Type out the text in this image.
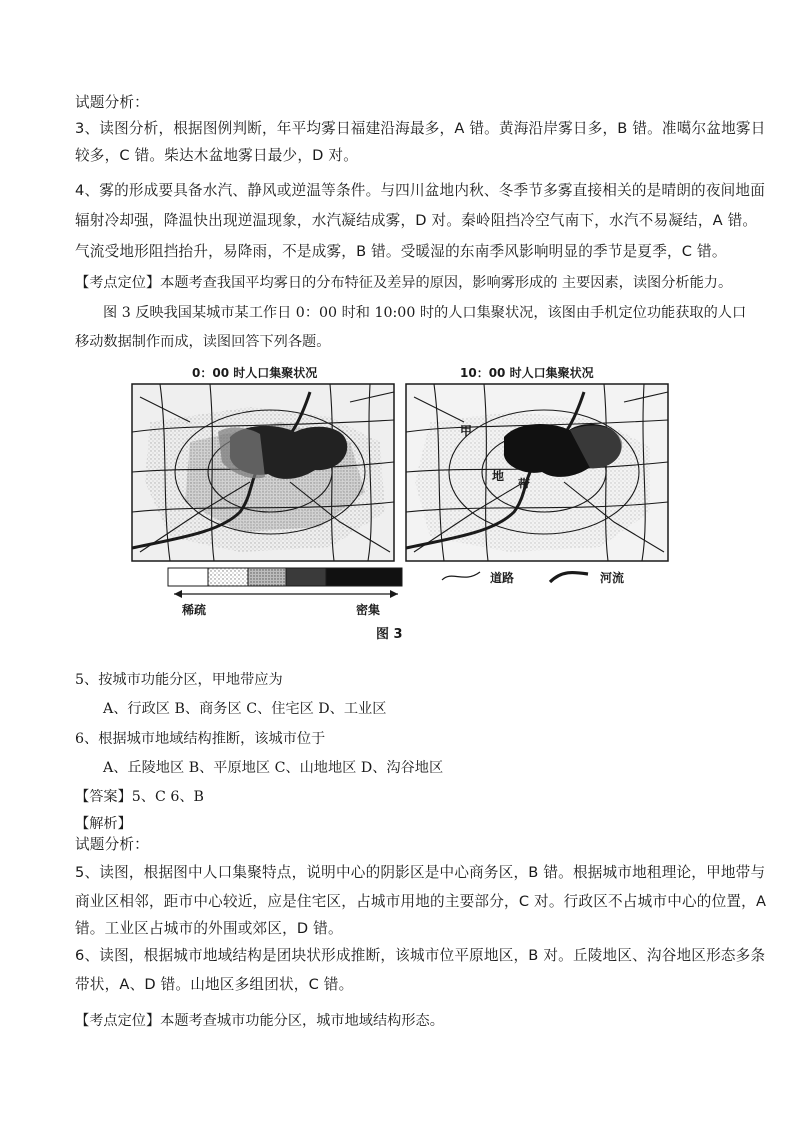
试题分析：
3、读图分析，根据图例判断，年平均雾日福建沿海最多，A 错。黄海沿岸雾日多，B 错。准噶尔盆地雾日
较多，C 错。柴达木盆地雾日最少，D 对。
4、雾的形成要具备水汽、静风或逆温等条件。与四川盆地内秋、冬季节多雾直接相关的是晴朗的夜间地面
辐射冷却强，降温快出现逆温现象，水汽凝结成雾，D 对。秦岭阻挡冷空气南下，水汽不易凝结，A 错。
气流受地形阻挡抬升，易降雨，不是成雾，B 错。受暖湿的东南季风影响明显的季节是夏季，C 错。
【考点定位】本题考查我国平均雾日的分布特征及差异的原因，影响雾形成的 主要因素，读图分析能力。
图 3 反映我国某城市某工作日 0：00 时和 10:00 时的人口集聚状况，该图由手机定位功能获取的人口
移动数据制作而成，读图回答下列各题。
0：00 时人口集聚状况	10：00 时人口集聚状况
甲
地
带
稀疏	密集
道路	河流
图 3
5、按城市功能分区，甲地带应为
A、行政区 B、商务区 C、住宅区 D、工业区
6、根据城市地域结构推断，该城市位于
A、丘陵地区 B、平原地区 C、山地地区 D、沟谷地区
【答案】5、C 6、B
【解析】
试题分析：
5、读图，根据图中人口集聚特点，说明中心的阴影区是中心商务区，B 错。根据城市地租理论，甲地带与
商业区相邻，距市中心较近，应是住宅区，占城市用地的主要部分，C 对。行政区不占城市中心的位置，A
错。工业区占城市的外围或郊区，D 错。
6、读图，根据城市地域结构是团块状形成推断，该城市位平原地区，B 对。丘陵地区、沟谷地区形态多条
带状，A、D 错。山地区多组团状，C 错。
【考点定位】本题考查城市功能分区，城市地域结构形态。
